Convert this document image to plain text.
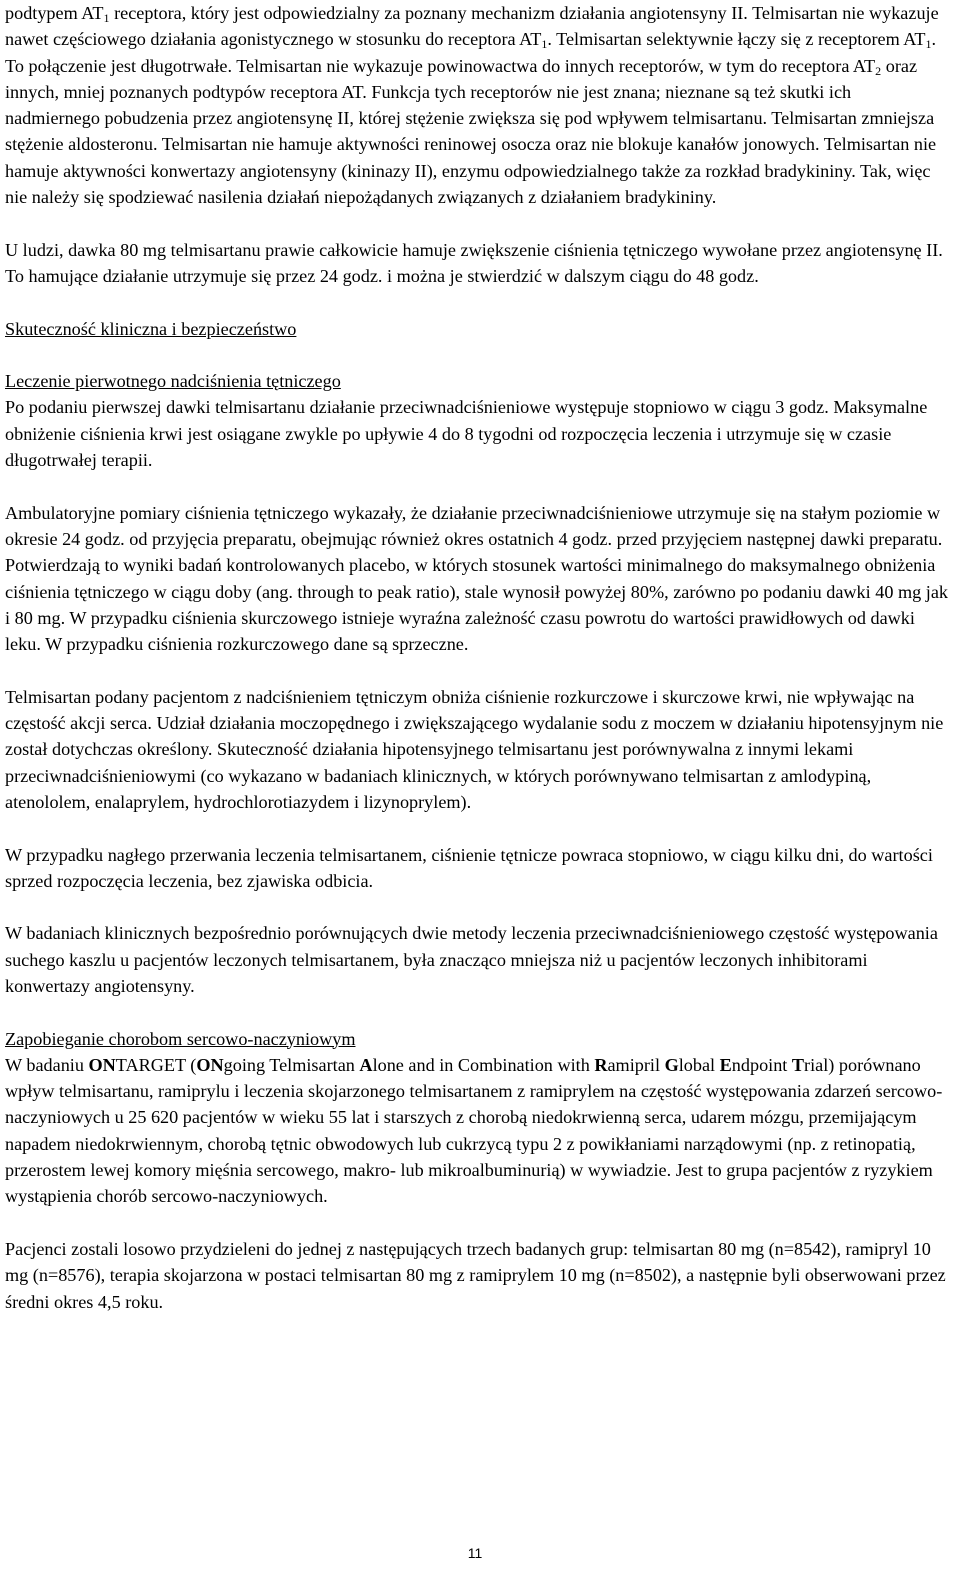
podtypem $AT_1$ receptora, który jest odpowiedzialny za poznany mechanizm działania angiotensyny II. Telmisartan nie wykazuje nawet częściowego działania agonistycznego w stosunku do receptora $AT_1$. Telmisartan selektywnie łączy się z receptorem $AT_1$. To połączenie jest długotrwałe. Telmisartan nie wykazuje powinowactwa do innych receptorów, w tym do receptora $AT_2$ oraz innych, mniej poznanych podtypów receptora AT. Funkcja tych receptorów nie jest znana; nieznane są też skutki ich nadmiernego pobudzenia przez angiotensynę II, której stężenie zwiększa się pod wpływem telmisartanu. Telmisartan zmniejsza stężenie aldosteronu. Telmisartan nie hamuje aktywności reninowej osocza oraz nie blokuje kanałów jonowych. Telmisartan nie hamuje aktywności konwertazy angiotensyny (kininazy II), enzymu odpowiedzialnego także za rozkład bradykininy. Tak, więc nie należy się spodziewać nasilenia działań niepożądanych związanych z działaniem bradykininy.

U ludzi, dawka 80 mg telmisartanu prawie całkowicie hamuje zwiększenie ciśnienia tętniczego wywołane przez angiotensynę II. To hamujące działanie utrzymuje się przez 24 godz. i można je stwierdzić w dalszym ciągu do 48 godz.

Skuteczność kliniczna i bezpieczeństwo

Leczenie pierwotnego nadciśnienia tętniczego

Po podaniu pierwszej dawki telmisartanu działanie przeciwnadciśnieniowe występuje stopniowo w ciągu 3 godz. Maksymalne obniżenie ciśnienia krwi jest osiągane zwykle po upływie 4 do 8 tygodni od rozpoczęcia leczenia i utrzymuje się w czasie długotrwałej terapii.

Ambulatoryjne pomiary ciśnienia tętniczego wykazały, że działanie przeciwnadciśnieniowe utrzymuje się na stałym poziomie w okresie 24 godz. od przyjęcia preparatu, obejmując również okres ostatnich 4 godz. przed przyjęciem następnej dawki preparatu. Potwierdzają to wyniki badań kontrolowanych placebo, w których stosunek wartości minimalnego do maksymalnego obniżenia ciśnienia tętniczego w ciągu doby (ang. through to peak ratio), stale wynosił powyżej 80%, zarówno po podaniu dawki 40 mg jak i 80 mg. W przypadku ciśnienia skurczowego istnieje wyraźna zależność czasu powrotu do wartości prawidłowych od dawki leku. W przypadku ciśnienia rozkurczowego dane są sprzeczne.

Telmisartan podany pacjentom z nadciśnieniem tętniczym obniża ciśnienie rozkurczowe i skurczowe krwi, nie wpływając na częstość akcji serca. Udział działania moczopędnego i zwiększającego wydalanie sodu z moczem w działaniu hipotensyjnym nie został dotychczas określony. Skuteczność działania hipotensyjnego telmisartanu jest porównywalna z innymi lekami przeciwnadciśnieniowymi (co wykazano w badaniach klinicznych, w których porównywano telmisartan z amlodypiną, atenololem, enalaprylem, hydrochlorotiazydem i lizynoprylem).

W przypadku nagłego przerwania leczenia telmisartanem, ciśnienie tętnicze powraca stopniowo, w ciągu kilku dni, do wartości sprzed rozpoczęcia leczenia, bez zjawiska odbicia.

W badaniach klinicznych bezpośrednio porównujących dwie metody leczenia przeciwnadciśnieniowego częstość występowania suchego kaszlu u pacjentów leczonych telmisartanem, była znacząco mniejsza niż u pacjentów leczonych inhibitorami konwertazy angiotensyny.

Zapobieganie chorobom sercowo-naczyniowym

W badaniu ONTARGET (ONgoing Telmisartan Alone and in Combination with Ramipril Global Endpoint Trial) porównano wpływ telmisartanu, ramiprylu i leczenia skojarzonego telmisartanem z ramiprylem na częstość występowania zdarzeń sercowo-naczyniowych u 25 620 pacjentów w wieku 55 lat i starszych z chorobą niedokrwienną serca, udarem mózgu, przemijającym napadem niedokrwiennym, chorobą tętnic obwodowych lub cukrzycą typu 2 z powikłaniami narządowymi (np. z retinopatią, przerostem lewej komory mięśnia sercowego, makro- lub mikroalbuminurią) w wywiadzie. Jest to grupa pacjentów z ryzykiem wystąpienia chorób sercowo-naczyniowych.

Pacjenci zostali losowo przydzieleni do jednej z następujących trzech badanych grup: telmisartan 80 mg (n=8542), ramipryl 10 mg (n=8576), terapia skojarzona w postaci telmisartan 80 mg z ramiprylem 10 mg (n=8502), a następnie byli obserwowani przez średni okres 4,5 roku.

11
